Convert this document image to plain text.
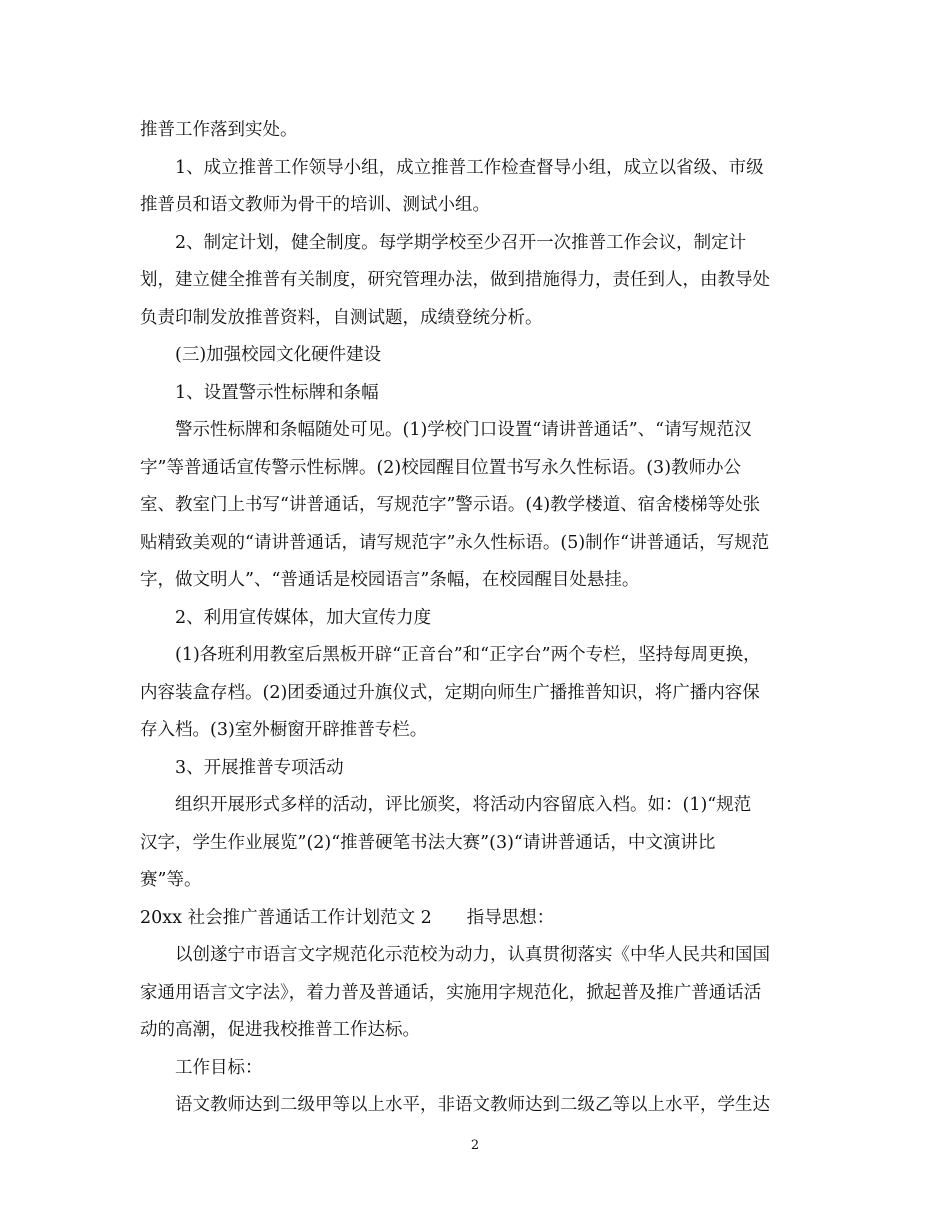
推普工作落到实处。
1、成立推普工作领导小组，成立推普工作检查督导小组，成立以省级、市级
推普员和语文教师为骨干的培训、测试小组。
2、制定计划，健全制度。每学期学校至少召开一次推普工作会议，制定计
划，建立健全推普有关制度，研究管理办法，做到措施得力，责任到人，由教导处
负责印制发放推普资料，自测试题，成绩登统分析。
(三)加强校园文化硬件建设
1、设置警示性标牌和条幅
警示性标牌和条幅随处可见。(1)学校门口设置“请讲普通话”、“请写规范汉
字”等普通话宣传警示性标牌。(2)校园醒目位置书写永久性标语。(3)教师办公
室、教室门上书写“讲普通话，写规范字”警示语。(4)教学楼道、宿舍楼梯等处张
贴精致美观的“请讲普通话，请写规范字”永久性标语。(5)制作“讲普通话，写规范
字，做文明人”、“普通话是校园语言”条幅，在校园醒目处悬挂。
2、利用宣传媒体，加大宣传力度
(1)各班利用教室后黑板开辟“正音台”和“正字台”两个专栏，坚持每周更换，
内容装盒存档。(2)团委通过升旗仪式，定期向师生广播推普知识，将广播内容保
存入档。(3)室外橱窗开辟推普专栏。
3、开展推普专项活动
组织开展形式多样的活动，评比颁奖，将活动内容留底入档。如：(1)“规范
汉字，学生作业展览”(2)“推普硬笔书法大赛”(3)“请讲普通话，中文演讲比
赛”等。
20xx 社会推广普通话工作计划范文 2　　指导思想：
以创遂宁市语言文字规范化示范校为动力，认真贯彻落实《中华人民共和国国
家通用语言文字法》，着力普及普通话，实施用字规范化，掀起普及推广普通话活
动的高潮，促进我校推普工作达标。
工作目标：
语文教师达到二级甲等以上水平，非语文教师达到二级乙等以上水平，学生达
2
